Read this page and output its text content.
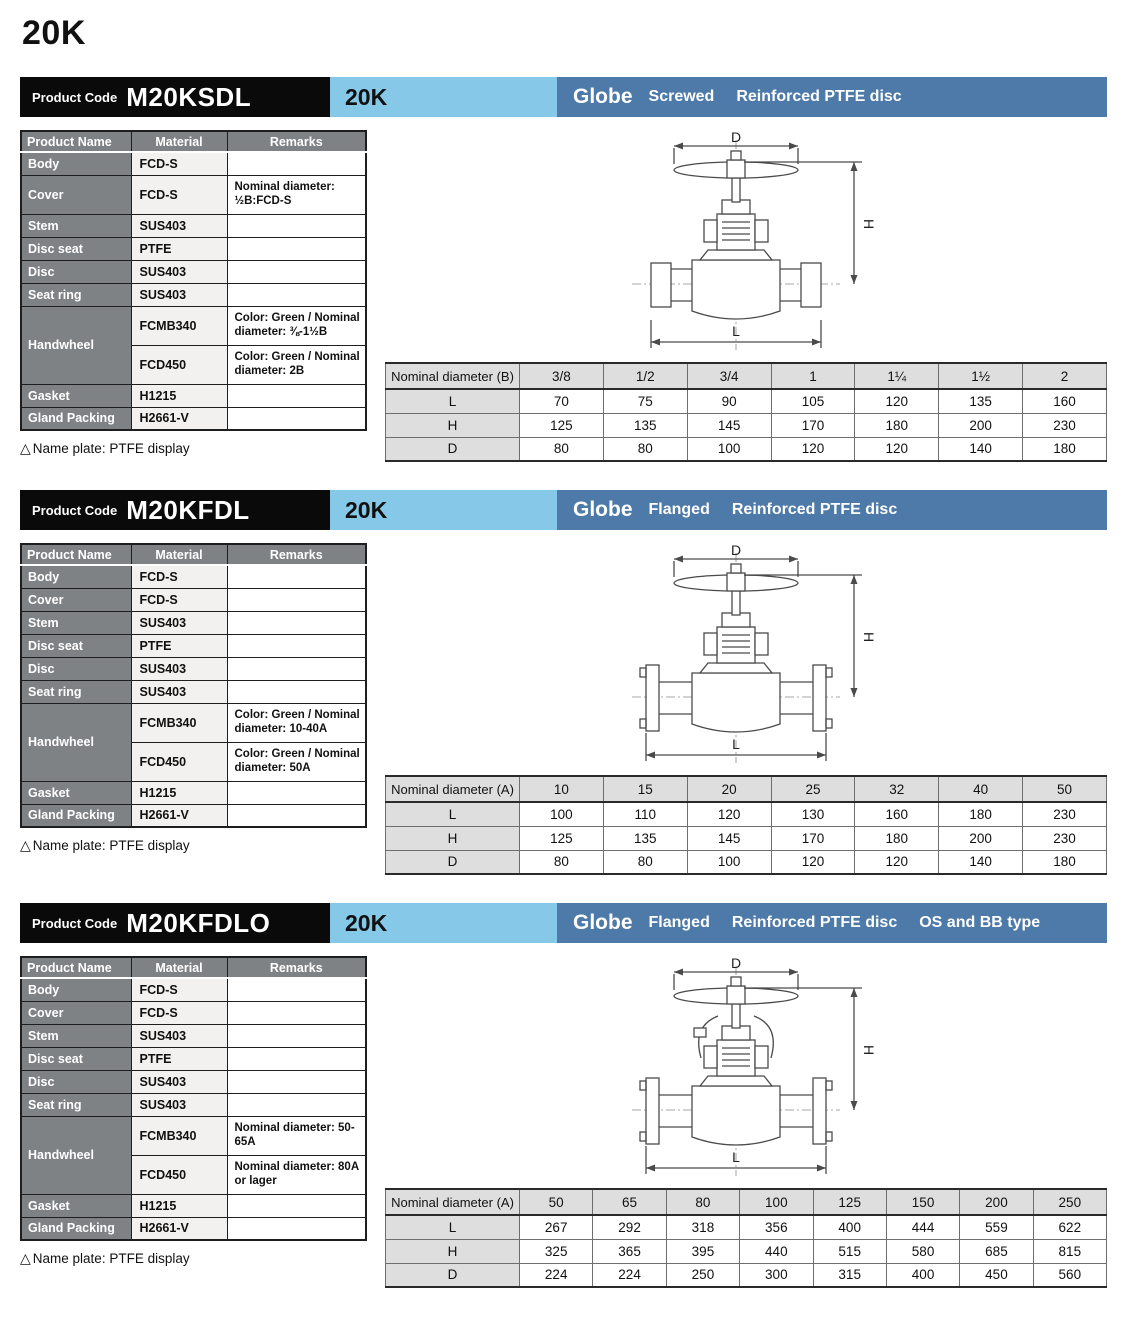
20K
Product Code M20KSDL	20K	Globe Screwed Reinforced PTFE disc
Product Name	Material	Remarks
Body	FCD-S	
Cover	FCD-S	Nominal diameter: ½B:FCD-S
Stem	SUS403	
Disc seat	PTFE	
Disc	SUS403	
Seat ring	SUS403	
Handwheel	FCMB340	Color: Green / Nominal diameter: ⅜-1½B
	FCD450	Color: Green / Nominal diameter: 2B
Gasket	H1215	
Gland Packing	H2661-V	
△ Name plate: PTFE display
D
H
L
Nominal diameter (B)	3/8	1/2	3/4	1	1¼	1½	2
L	70	75	90	105	120	135	160
H	125	135	145	170	180	200	230
D	80	80	100	120	120	140	180
Product Code M20KFDL	20K	Globe Flanged Reinforced PTFE disc
Product Name	Material	Remarks
Body	FCD-S	
Cover	FCD-S	
Stem	SUS403	
Disc seat	PTFE	
Disc	SUS403	
Seat ring	SUS403	
Handwheel	FCMB340	Color: Green / Nominal diameter: 10-40A
	FCD450	Color: Green / Nominal diameter: 50A
Gasket	H1215	
Gland Packing	H2661-V	
△ Name plate: PTFE display
D
H
L
Nominal diameter (A)	10	15	20	25	32	40	50
L	100	110	120	130	160	180	230
H	125	135	145	170	180	200	230
D	80	80	100	120	120	140	180
Product Code M20KFDLO	20K	Globe Flanged Reinforced PTFE disc OS and BB type
Product Name	Material	Remarks
Body	FCD-S	
Cover	FCD-S	
Stem	SUS403	
Disc seat	PTFE	
Disc	SUS403	
Seat ring	SUS403	
Handwheel	FCMB340	Nominal diameter: 50-65A
	FCD450	Nominal diameter: 80A or lager
Gasket	H1215	
Gland Packing	H2661-V	
△ Name plate: PTFE display
D
H
L
Nominal diameter (A)	50	65	80	100	125	150	200	250
L	267	292	318	356	400	444	559	622
H	325	365	395	440	515	580	685	815
D	224	224	250	300	315	400	450	560
